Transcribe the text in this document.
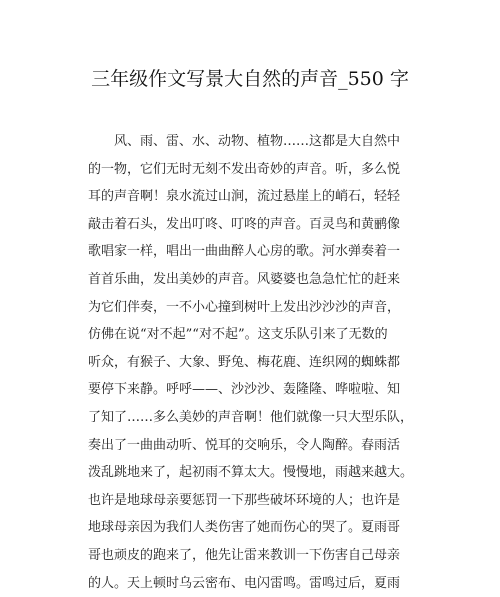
三年级作文写景大自然的声音_550 字
　　风、雨、雷、水、动物、植物……这都是大自然中
的一物，它们无时无刻不发出奇妙的声音。听，多么悦
耳的声音啊！泉水流过山涧，流过悬崖上的峭石，轻轻
敲击着石头，发出叮咚、叮咚的声音。百灵鸟和黄鹂像
歌唱家一样，唱出一曲曲醉人心房的歌。河水弹奏着一
首首乐曲，发出美妙的声音。风婆婆也急急忙忙的赶来
为它们伴奏，一不小心撞到树叶上发出沙沙沙的声音，
仿佛在说“对不起”“对不起”。这支乐队引来了无数的
听众，有猴子、大象、野兔、梅花鹿、连织网的蜘蛛都
要停下来静。呼呼——、沙沙沙、轰隆隆、哗啦啦、知
了知了……多么美妙的声音啊！他们就像一只大型乐队，
奏出了一曲曲动听、悦耳的交响乐，令人陶醉。春雨活
泼乱跳地来了，起初雨不算太大。慢慢地，雨越来越大。
也许是地球母亲要惩罚一下那些破坏环境的人；也许是
地球母亲因为我们人类伤害了她而伤心的哭了。夏雨哥
哥也顽皮的跑来了，他先让雷来教训一下伤害自己母亲
的人。天上顿时乌云密布、电闪雷鸣。雷鸣过后，夏雨
